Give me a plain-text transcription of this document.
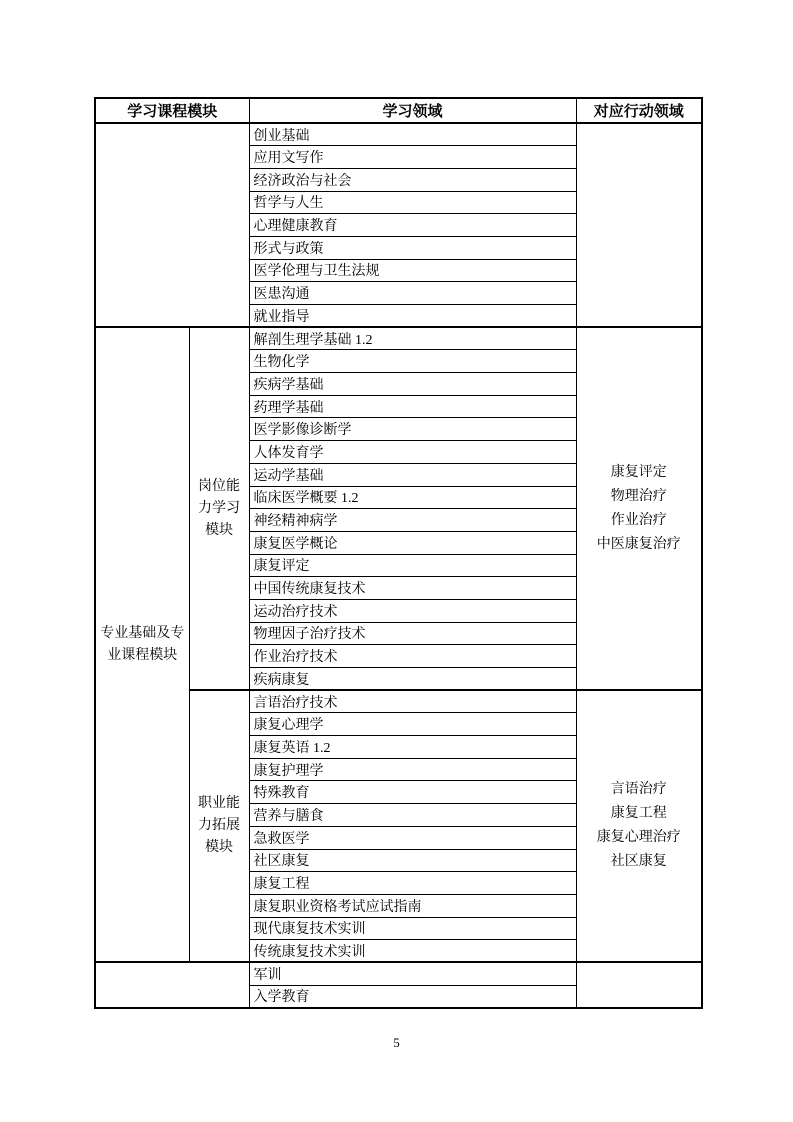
学习课程模块		学习领域	对应行动领域
		创业基础	
		应用文写作	
		经济政治与社会	
		哲学与人生	
		心理健康教育	
		形式与政策	
		医学伦理与卫生法规	
		医患沟通	
		就业指导	
专业基础及专业课程模块	岗位能力学习模块	解剖生理学基础 1.2	康复评定
物理治疗
作业治疗
中医康复治疗

		生物化学	
		疾病学基础	
		药理学基础	
		医学影像诊断学	
		人体发育学	
		运动学基础	
		临床医学概要 1.2	
		神经精神病学	
		康复医学概论	
		康复评定	
		中国传统康复技术	
		运动治疗技术	
		物理因子治疗技术	
		作业治疗技术	
		疾病康复	
	职业能力拓展模块	言语治疗技术	言语治疗
康复工程
康复心理治疗
社区康复

		康复心理学	
		康复英语 1.2	
		康复护理学	
		特殊教育	
		营养与膳食	
		急救医学	
		社区康复	
		康复工程	
		康复职业资格考试应试指南	
		现代康复技术实训	
		传统康复技术实训	
		军训	
		入学教育	
5
